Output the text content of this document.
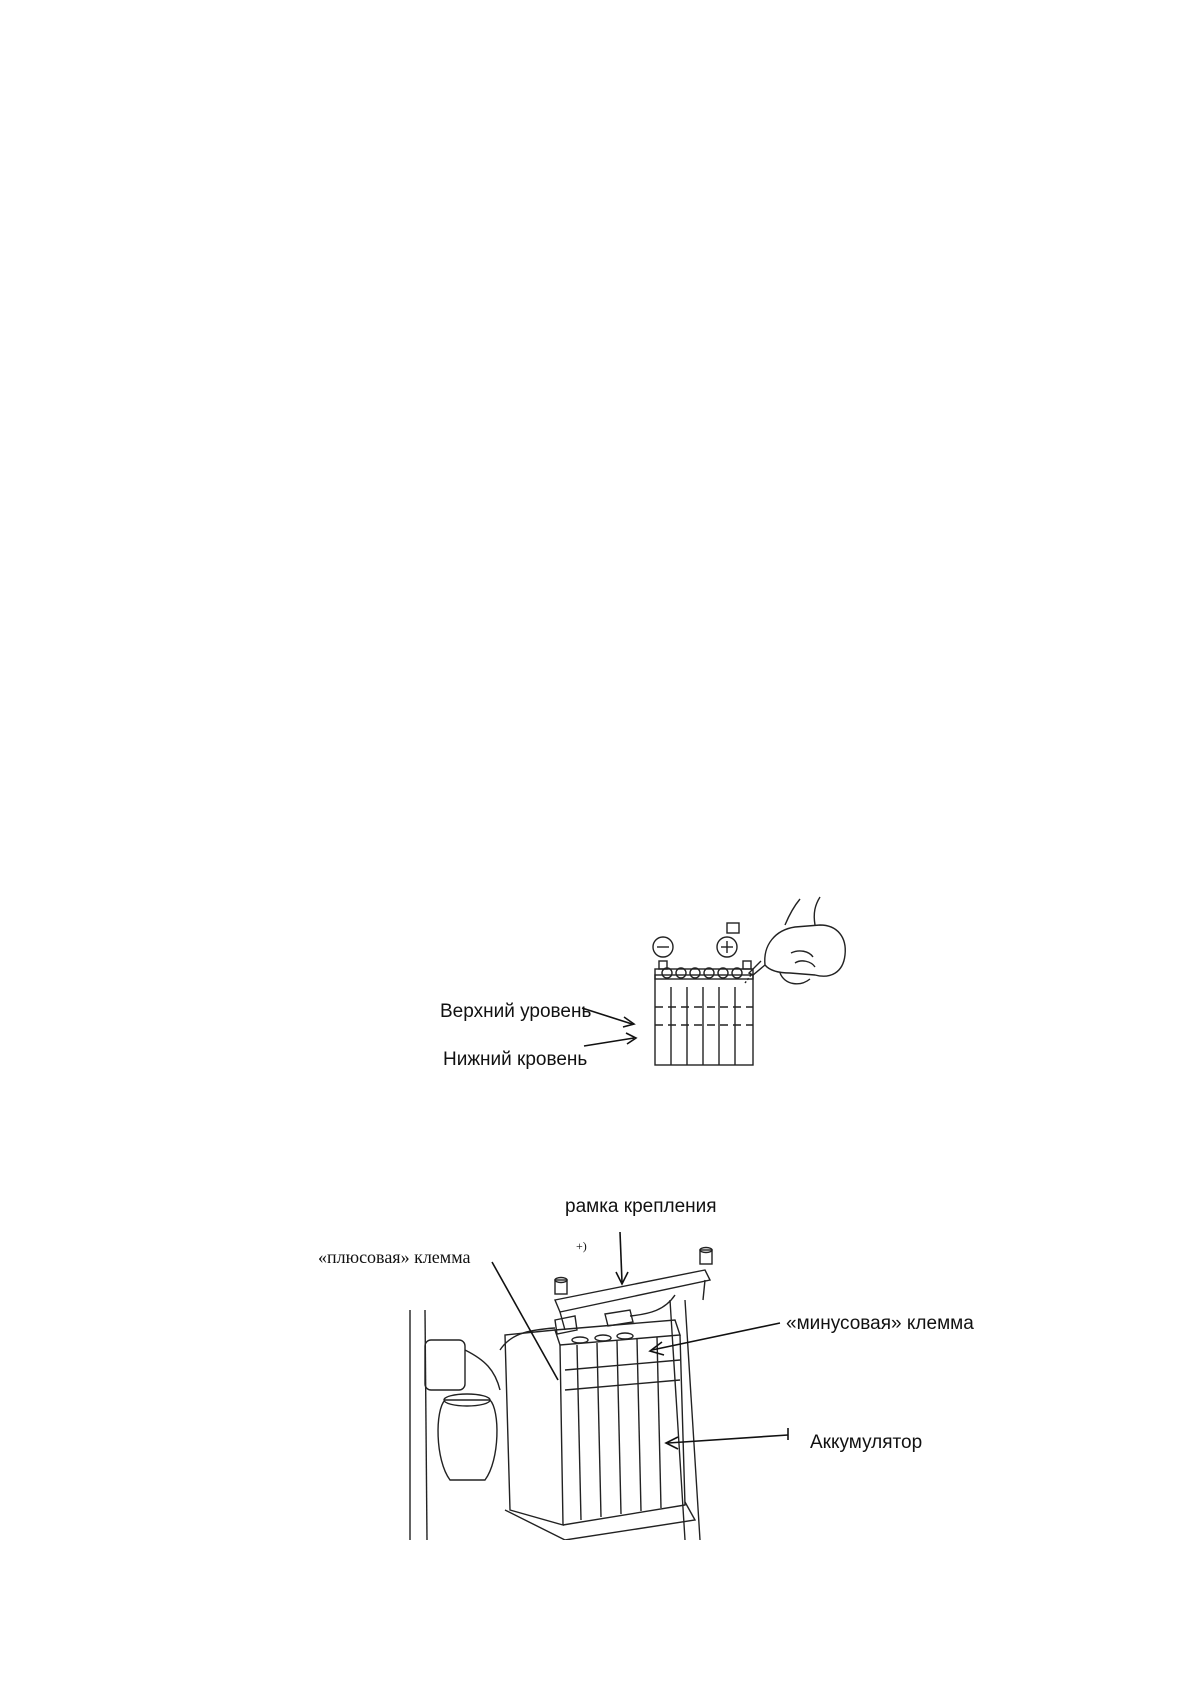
Верхний уровень
Нижний кровень
рамка крепления
«плюсовая» клемма
+)
«минусовая» клемма
Аккумулятор
